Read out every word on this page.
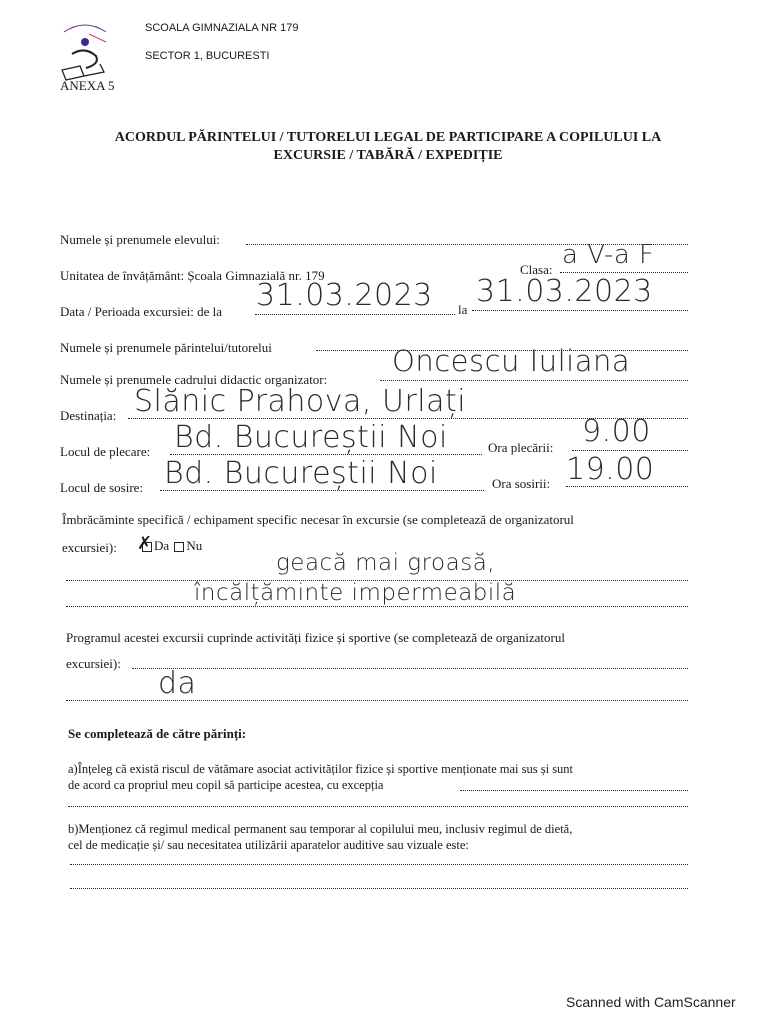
SCOALA GIMNAZIALA NR 179
SECTOR 1, BUCURESTI
ANEXA 5
ACORDUL PĂRINTELUI / TUTORELUI LEGAL DE PARTICIPARE A COPILULUI LA
EXCURSIE / TABĂRĂ / EXPEDIȚIE
Numele și prenumele elevului:
Unitatea de învățământ: Școala Gimnazială nr. 179	Clasa: a V-a F
Data / Perioada excursiei: de la 31.03.2023 la
31.03.2023
Numele și prenumele părintelui/tutorelui
Numele și prenumele cadrului didactic organizator:
Oncescu Iuliana
Destinația: Slănic Prahova, Urlați
Locul de plecare: Bd. Bucureștii Noi	Ora plecării: 9.00
Locul de sosire: Bd. Bucureștii Noi	Ora sosirii: 19.00
Îmbrăcăminte specifică / echipament specific necesar în excursie (se completează de organizatorul
excursiei): ✗ Da Nu
geacă mai groasă,
încălțăminte impermeabilă
Programul acestei excursii cuprinde activități fizice și sportive (se completează de organizatorul
excursiei):
da
Se completează de către părinți:
a)Înțeleg că există riscul de vătămare asociat activităților fizice și sportive menționate mai sus și sunt
de acord ca propriul meu copil să participe acestea, cu excepția
b)Menționez că regimul medical permanent sau temporar al copilului meu, inclusiv regimul de dietă,
cel de medicație și/ sau necesitatea utilizării aparatelor auditive sau vizuale este:
Scanned with CamScanner
